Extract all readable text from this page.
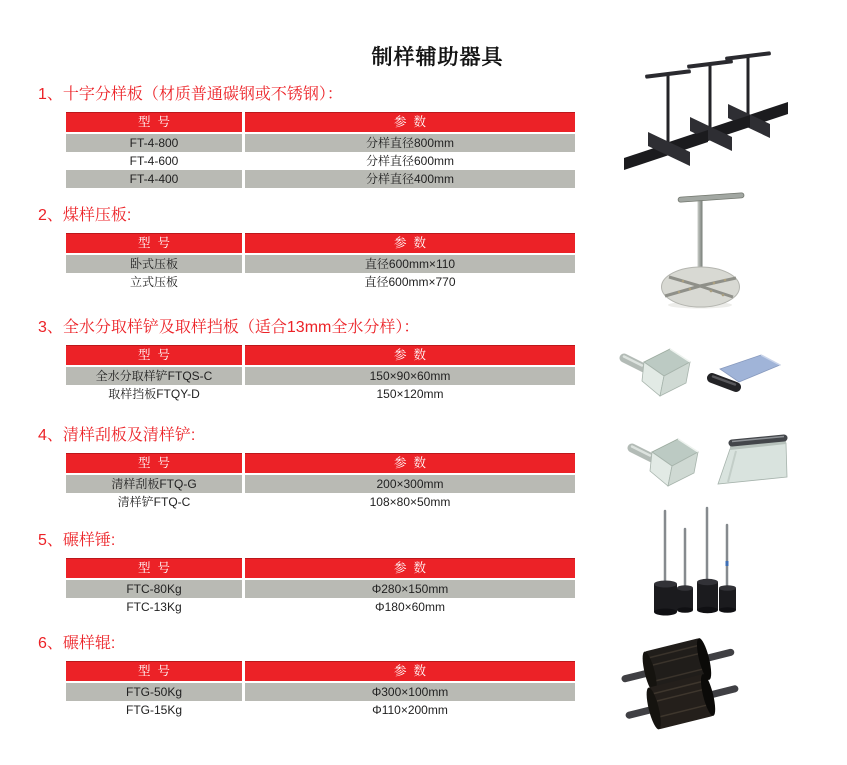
制样辅助器具
1、十字分样板（材质普通碳钢或不锈钢）：
型  号	参  数
FT-4-800	分样直径800mm
FT-4-600	分样直径600mm
FT-4-400	分样直径400mm
2、煤样压板:
型  号	参  数
卧式压板	直径600mm×110
立式压板	直径600mm×770
3、全水分取样铲及取样挡板（适合13mm全水分样）：
型  号	参  数
全水分取样铲FTQS-C	150×90×60mm
取样挡板FTQY-D	150×120mm
4、清样刮板及清样铲:
型  号	参  数
清样刮板FTQ-G	200×300mm
清样铲FTQ-C	108×80×50mm
5、碾样锤:
型  号	参  数
FTC-80Kg	Φ280×150mm
FTC-13Kg	Φ180×60mm
6、碾样辊:
型  号	参  数
FTG-50Kg	Φ300×100mm
FTG-15Kg	Φ110×200mm
